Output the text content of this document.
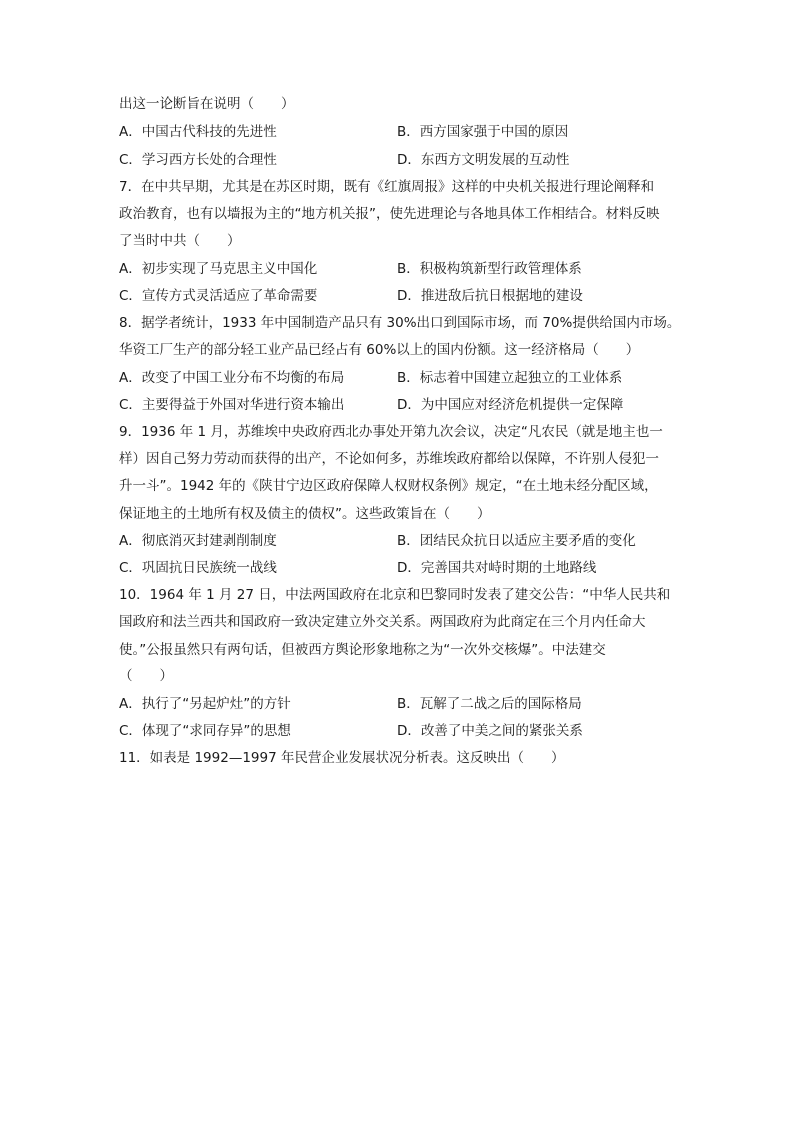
出这一论断旨在说明（　　）
A．中国古代科技的先进性	B．西方国家强于中国的原因
C．学习西方长处的合理性	D．东西方文明发展的互动性
7．在中共早期，尤其是在苏区时期，既有《红旗周报》这样的中央机关报进行理论阐释和
政治教育，也有以墙报为主的“地方机关报”，使先进理论与各地具体工作相结合。材料反映
了当时中共（　　）
A．初步实现了马克思主义中国化	B．积极构筑新型行政管理体系
C．宣传方式灵活适应了革命需要	D．推进敌后抗日根据地的建设
8．据学者统计，1933 年中国制造产品只有 30%出口到国际市场，而 70%提供给国内市场。
华资工厂生产的部分轻工业产品已经占有 60%以上的国内份额。这一经济格局（　　）
A．改变了中国工业分布不均衡的布局	B．标志着中国建立起独立的工业体系
C．主要得益于外国对华进行资本输出	D．为中国应对经济危机提供一定保障
9．1936 年 1 月，苏维埃中央政府西北办事处开第九次会议，决定“凡农民（就是地主也一
样）因自己努力劳动而获得的出产，不论如何多，苏维埃政府都给以保障，不许别人侵犯一
升一斗”。1942 年的《陕甘宁边区政府保障人权财权条例》规定，“在土地未经分配区域，
保证地主的土地所有权及债主的债权”。这些政策旨在（　　）
A．彻底消灭封建剥削制度	B．团结民众抗日以适应主要矛盾的变化
C．巩固抗日民族统一战线	D．完善国共对峙时期的土地路线
10．1964 年 1 月 27 日，中法两国政府在北京和巴黎同时发表了建交公告：“中华人民共和
国政府和法兰西共和国政府一致决定建立外交关系。两国政府为此商定在三个月内任命大
使。”公报虽然只有两句话，但被西方舆论形象地称之为“一次外交核爆”。中法建交
（　　）
A．执行了“另起炉灶”的方针	B．瓦解了二战之后的国际格局
C．体现了“求同存异”的思想	D．改善了中美之间的紧张关系
11．如表是 1992—1997 年民营企业发展状况分析表。这反映出（　　）
